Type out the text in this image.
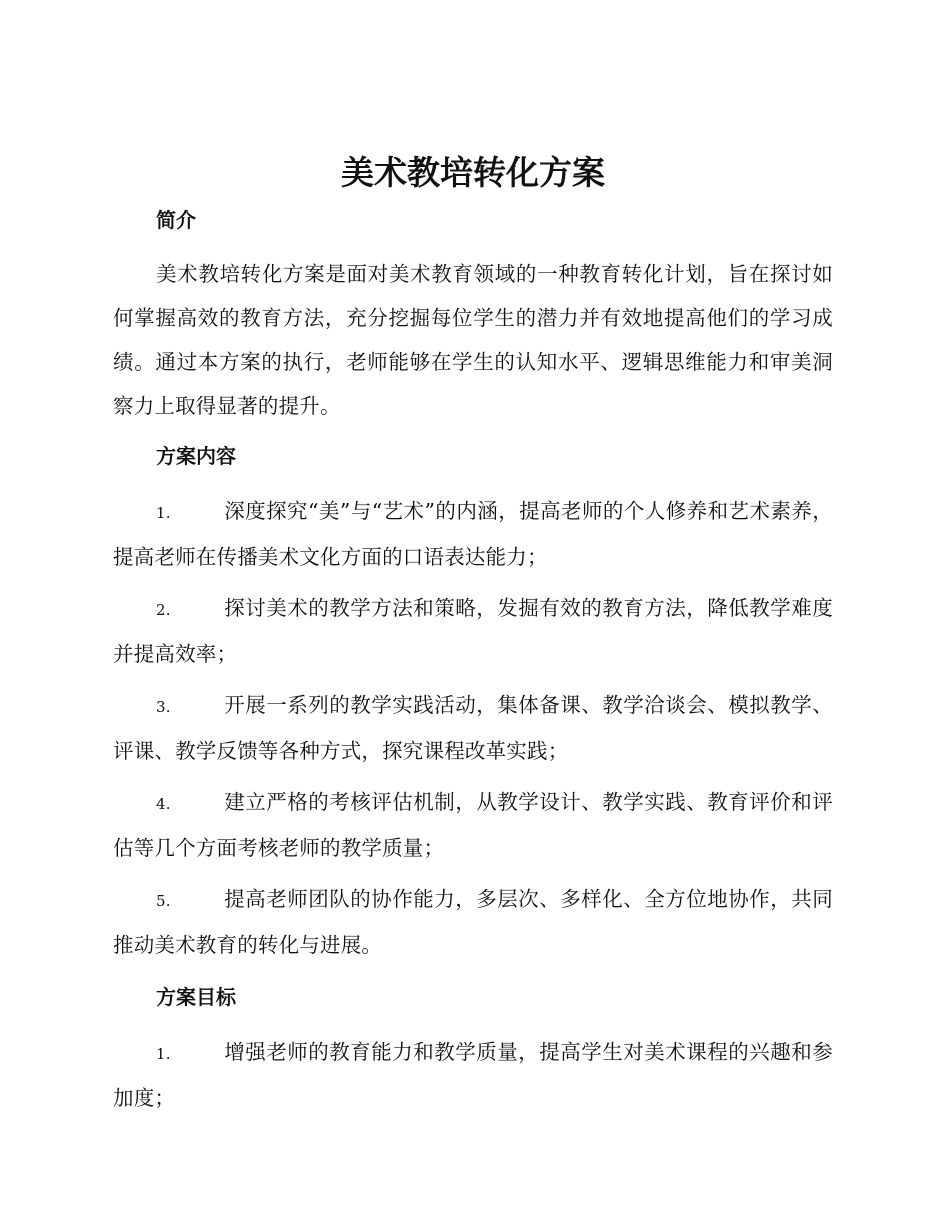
美术教培转化方案
简介

美术教培转化方案是面对美术教育领域的一种教育转化计划，旨在探讨如何掌握高效的教育方法，充分挖掘每位学生的潜力并有效地提高他们的学习成绩。通过本方案的执行，老师能够在学生的认知水平、逻辑思维能力和审美洞察力上取得显著的提升。

方案内容

1.	深度探究“美”与“艺术”的内涵，提高老师的个人修养和艺术素养，提高老师在传播美术文化方面的口语表达能力；

2.	探讨美术的教学方法和策略，发掘有效的教育方法，降低教学难度并提高效率；

3.	开展一系列的教学实践活动，集体备课、教学洽谈会、模拟教学、评课、教学反馈等各种方式，探究课程改革实践；

4.	建立严格的考核评估机制，从教学设计、教学实践、教育评价和评估等几个方面考核老师的教学质量；

5.	提高老师团队的协作能力，多层次、多样化、全方位地协作，共同推动美术教育的转化与进展。

方案目标

1.	增强老师的教育能力和教学质量，提高学生对美术课程的兴趣和参加度；
